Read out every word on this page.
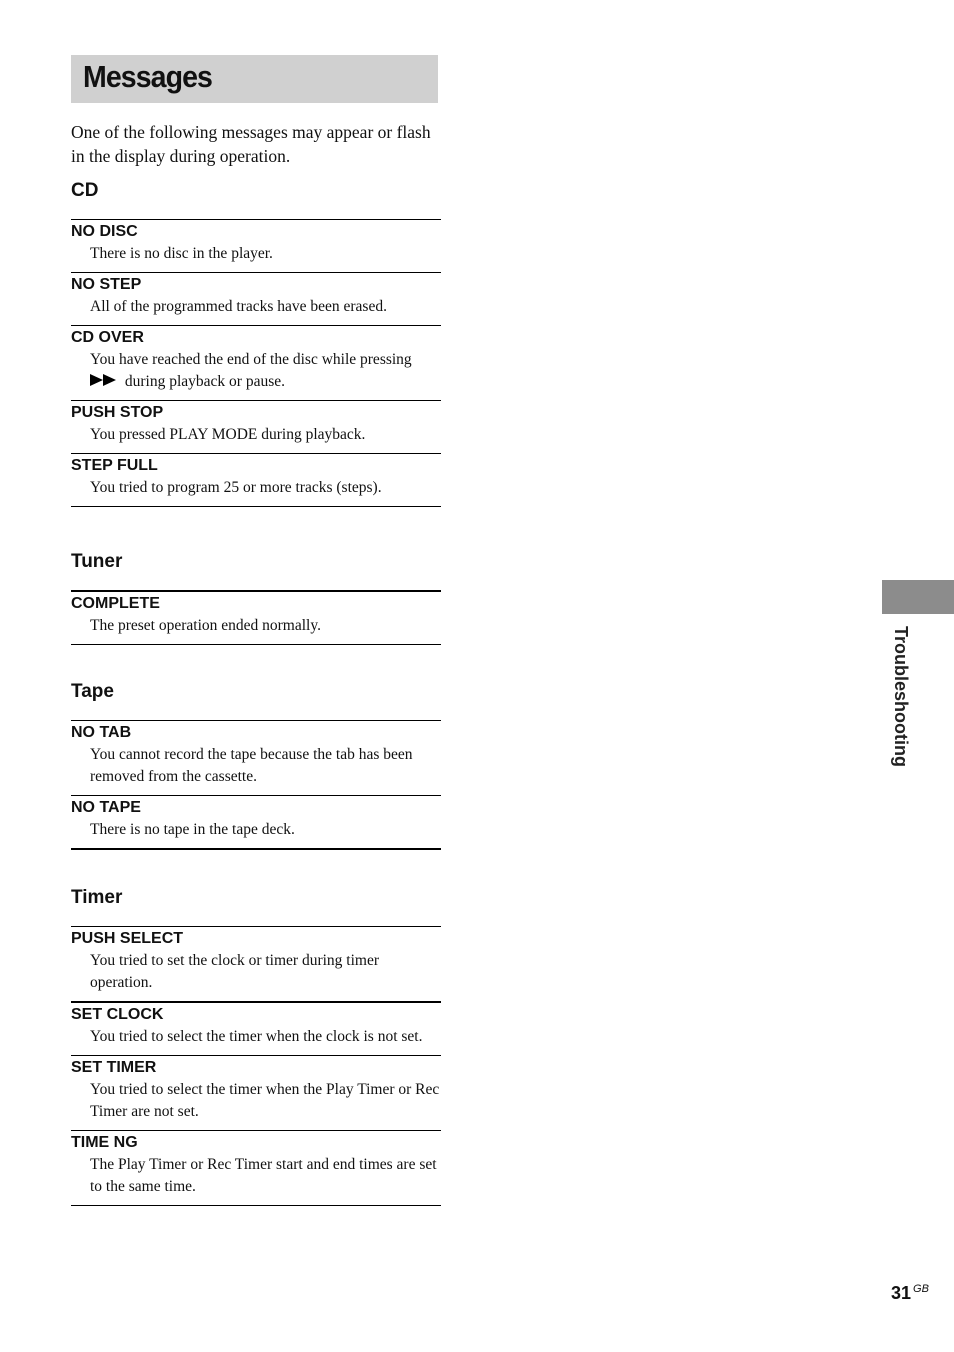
Messages

One of the following messages may appear or flash in the display during operation.

CD

NO DISC

There is no disc in the player.

NO STEP

All of the programmed tracks have been erased.

CD OVER

You have reached the end of the disc while pressing
during playback or pause.

PUSH STOP

You pressed PLAY MODE during playback.

STEP FULL

You tried to program 25 or more tracks (steps).

Tuner

COMPLETE

The preset operation ended normally.

Tape

NO TAB

You cannot record the tape because the tab has been removed from the cassette.

NO TAPE

There is no tape in the tape deck.

Timer

PUSH SELECT

You tried to set the clock or timer during timer operation.

SET CLOCK

You tried to select the timer when the clock is not set.

SET TIMER

You tried to select the timer when the Play Timer or Rec Timer are not set.

TIME NG

The Play Timer or Rec Timer start and end times are set to the same time.

Troubleshooting
31 $^{GB}$
